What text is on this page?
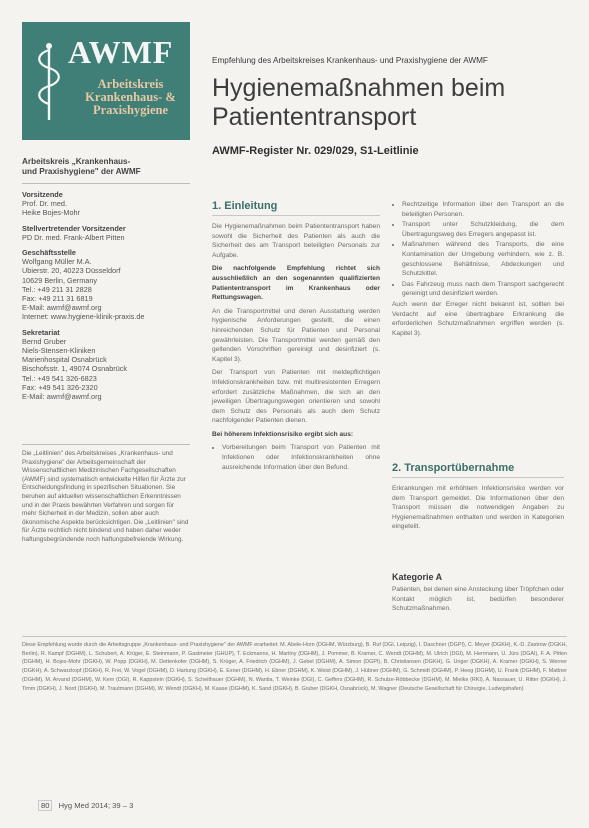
AWMF
Arbeitskreis
Krankenhaus- &
Praxishygiene
Empfehlung des Arbeitskreises Krankenhaus- und Praxishygiene der AWMF
Hygienemaßnahmen beim
Patiententransport
AWMF-Register Nr. 029/029, S1-Leitlinie
Arbeitskreis „Krankenhaus-
und Praxishygiene" der AWMF
Vorsitzende
Prof. Dr. med.
Heike Bojes-Mohr
Stellvertretender Vorsitzender
PD Dr. med. Frank-Albert Pitten
Geschäftsstelle
Wolfgang Müller M.A.
Ubierstr. 20, 40223 Düsseldorf
10629 Berlin, Germany
Tel.: +49 211 31 2828
Fax: +49 211 31 6819
E-Mail: awmf@awmf.org
Internet: www.hygiene-klinik-praxis.de
Sekretariat
Bernd Gruber
Niels-Stensen-Kliniken
Marienhospital Osnabrück
Bischofsstr. 1, 49074 Osnabrück
Tel.: +49 541 326-6823
Fax: +49 541 326-2320
E-Mail: awmf@awmf.org
Die „Leitlinien" des Arbeitskreises „Krankenhaus- und Praxishygiene" der Arbeitsgemeinschaft der Wissenschaftlichen Medizinischen Fachgesellschaften (AWMF) sind systematisch entwickelte Hilfen für Ärzte zur Entscheidungsfindung in spezifischen Situationen. Sie beruhen auf aktuellen wissenschaftlichen Erkenntnissen und in der Praxis bewährten Verfahren und sorgen für mehr Sicherheit in der Medizin, sollen aber auch ökonomische Aspekte berücksichtigen. Die „Leitlinien" sind für Ärzte rechtlich nicht bindend und haben daher weder haftungsbegründende noch haftungsbefreiende Wirkung.
1. Einleitung

Die Hygienemaßnahmen beim Patiententransport haben sowohl die Sicherheit des Patienten als auch die Sicherheit des am Transport beteiligten Personals zur Aufgabe.

Die nachfolgende Empfehlung richtet sich ausschließlich an den sogenannten qualifizierten Patiententransport im Krankenhaus oder Rettungswagen.

An die Transportmittel und deren Ausstattung werden hygienische Anforderungen gestellt, die einen hinreichenden Schutz für Patienten und Personal gewährleisten. Die Transportmittel werden gemäß den geltenden Vorschriften gereinigt und desinfiziert (s. Kapitel 3).

Der Transport von Patienten mit meldepflichtigen Infektionskrankheiten bzw. mit multiresistenten Erregern erfordert zusätzliche Maßnahmen, die sich an den jeweiligen Übertragungswegen orientieren und sowohl dem Schutz des Personals als auch dem Schutz nachfolgender Patienten dienen.

Bei höherem Infektionsrisiko ergibt sich aus:

• Vorbereitungen beim Transport von Patienten mit Infektionen oder Infektionskrankheiten ohne ausreichende Information über den Befund.
• Rechtzeitige Information über den Transport an die beteiligten Personen.
• Transport unter Schutzkleidung, die dem Übertragungsweg des Erregers angepasst ist.
• Maßnahmen während des Transports, die eine Kontamination der Umgebung verhindern, wie z. B. geschlossene Behältnisse, Abdeckungen und Schutzkittel.
• Das Fahrzeug muss nach dem Transport sachgerecht gereinigt und desinfiziert werden.

Auch wenn der Erreger nicht bekannt ist, sollten bei Verdacht auf eine übertragbare Erkrankung die erforderlichen Schutzmaßnahmen ergriffen werden (s. Kapitel 3).

2. Transportübernahme

Erkrankungen mit erhöhtem Infektionsrisiko werden vor dem Transport gemeldet. Die Informationen über den Transport müssen die notwendigen Angaben zu Hygienemaßnahmen enthalten und werden in Kategorien eingeteilt.

Kategorie A

Patienten, bei denen eine Ansteckung über Tröpfchen oder Kontakt möglich ist, bedürfen besonderer Schutzmaßnahmen.

Diese Empfehlung wurde durch die Arbeitsgruppe „Krankenhaus- und Praxishygiene" der AWMF erarbeitet: M. Abele-Horn (DGHM, Würzburg), B. Ruf (DGI, Leipzig), I. Daschner (DGPI), C. Meyer (DGKH), K.-D. Zastrow (DGKH, Berlin), R. Kampf (DGHM), L. Schubert, A. Krüger, E. Steinmann, P. Gastmeier (GHUP), T. Eckmanns, H. Martiny (DGHM), J. Pommer, B. Kramer, C. Wendt (DGHM), M. Ulrich (DGI), M. Herrmann, U. Jürs (DGAI), F. A. Pitten (DGHM), H. Bojes-Mohr (DGKH), W. Popp (DGKH), M. Dettenkofer (DGHM), S. Krüger, A. Friedrich (DGHM), J. Gebel (DGHM), A. Simon (DGPI), B. Christiansen (DGKH), G. Unger (DGKH), A. Kramer (DGKH), S. Werner (DGKH), A. Schwarzkopf (DGKH), R. Frei, W. Vogel (DGHM), D. Hartung (DGKH), E. Exner (DGHM), H. Ebner (DGHM), K. Weist (DGHM), J. Hübner (DGHM), G. Schmidt (DGHM), P. Heeg (DGHM), U. Frank (DGHM), F. Mattner (DGHM), M. Arvand (DGHM), W. Kern (DGI), R. Kappstein (DGKH), S. Scheithauer (DGHM), N. Wantia, T. Weinke (DGI), C. Geffers (DGHM), R. Schulze-Röbbecke (DGHM), M. Mielke (RKI), A. Nassauer, U. Ritter (DGKH), J. Timm (DGKH), J. Nord (DGKH), M. Trautmann (DGHM), W. Wendt (DGKH), M. Kaase (DGHM), K. Sand (DGKH), B. Gruber (DGKH, Osnabrück), M. Wagner (Deutsche Gesellschaft für Chirurgie, Ludwigshafen)
80 Hyg Med 2014; 39 – 3
